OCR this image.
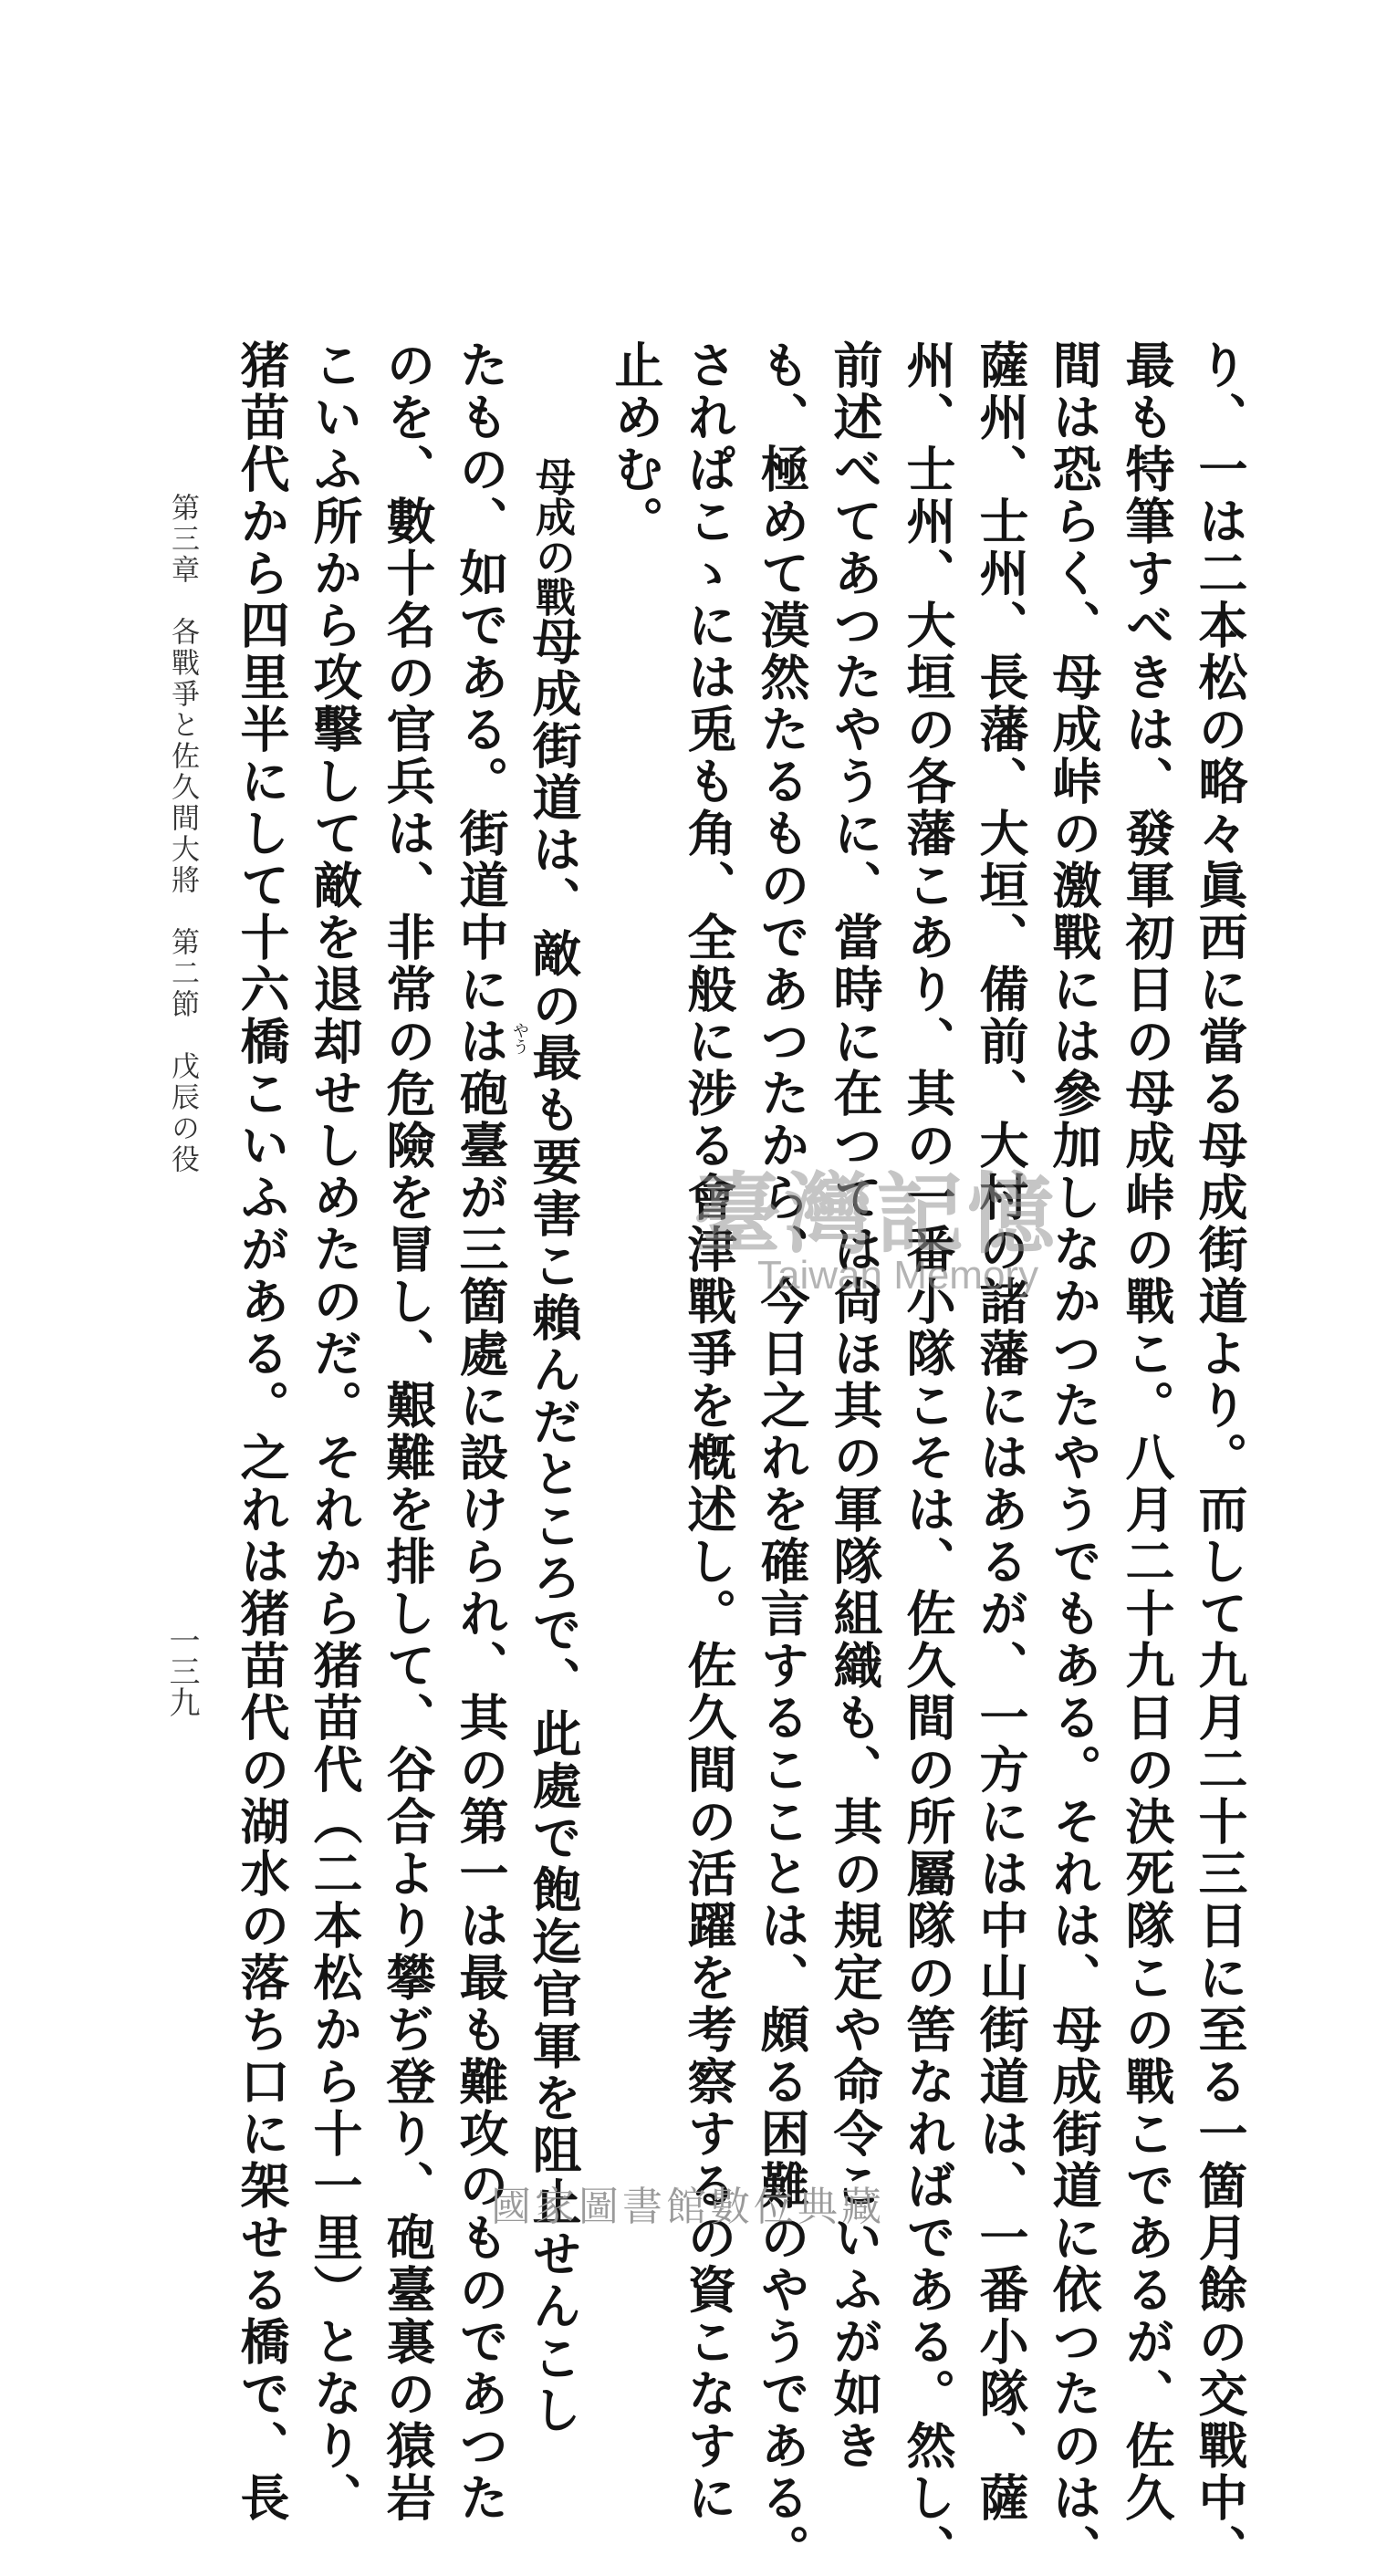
り、一は二本松の略々眞西に當る母成街道より。而して九月二十三日に至る一箇月餘の交戰中、
最も特筆すべきは、發軍初日の母成峠の戰こ。八月二十九日の決死隊この戰こであるが、佐久
間は恐らく、母成峠の激戰には參加しなかつたやうでもある。それは、母成街道に依つたのは、
薩州、士州、長藩、大垣、備前、大村の諸藩にはあるが、一方には中山街道は、一番小隊、薩
州、士州、大垣の各藩こあり、其の一番小隊こそは、佐久間の所屬隊の筈なればである。然し、
前述べてあつたやうに、當時に在つては尙ほ其の軍隊組織も、其の規定や命令こいふが如き
も、極めて漠然たるものであつたから、今日之れを確言するこことは、頗る困難のやうである。
されぱこゝには兎も角、全般に涉る會津戰爭を槪述し。佐久間の活躍を考察するの資こなすに
止めむ。
母成の戰
母成街道は、敵の最も要害こ賴んだところで、此處で飽迄官軍を阻止せんこし
やう
たもの、如である。街道中には砲臺が三箇處に設けられ、其の第一は最も難攻のものであつた
のを、數十名の官兵は、非常の危險を冒し、艱難を排して、谷合より攀ぢ登り、砲臺裏の猿岩
こいふ所から攻擊して敵を退却せしめたのだ。それから猪苗代（二本松から十一里）となり、
猪苗代から四里半にして十六橋こいふがある。之れは猪苗代の湖水の落ち口に架せる橋で、長
第三章　各戰爭と佐久間大將　第二節　戊辰の役
一三九
臺灣記憶
Taiwan Memory
國家圖書館數位典藏
